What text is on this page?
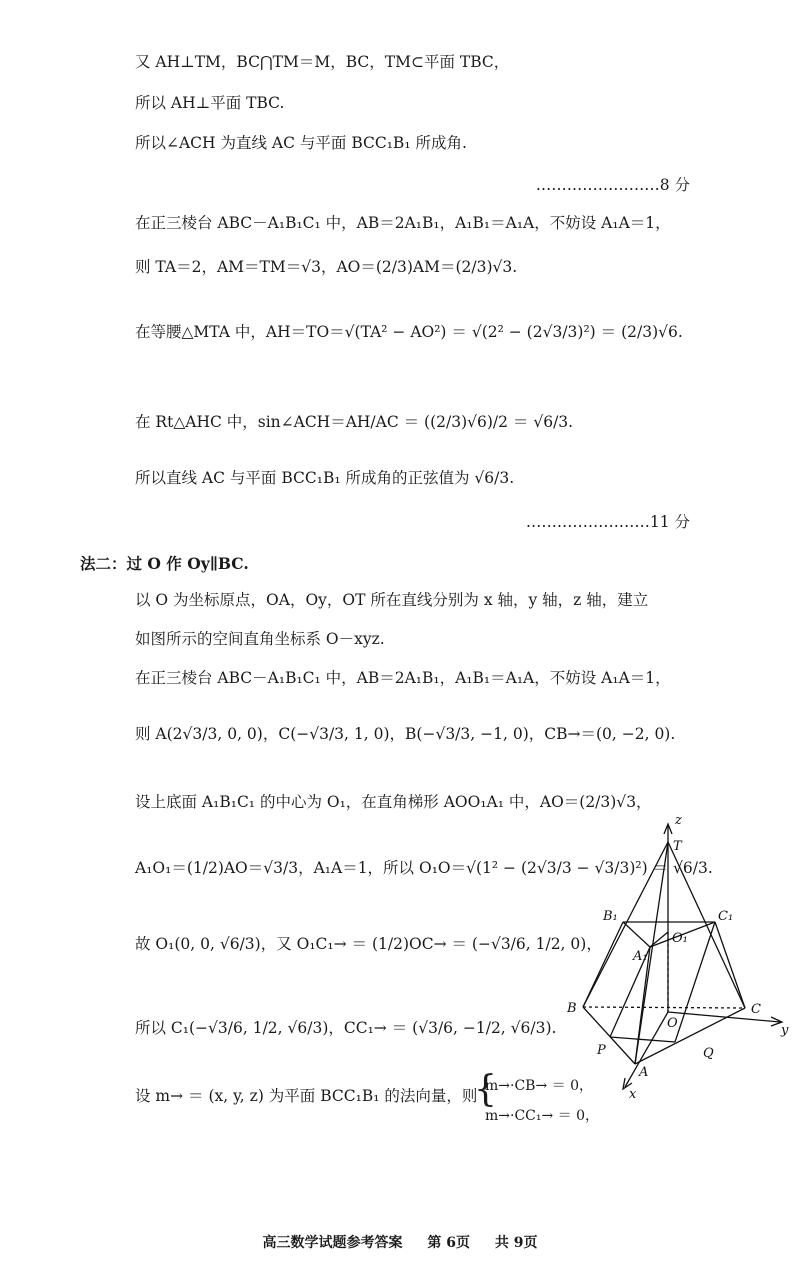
又 AH⊥TM，BC⋂TM＝M，BC，TM⊂平面 TBC，
所以 AH⊥平面 TBC.
所以∠ACH 为直线 AC 与平面 BCC₁B₁ 所成角.
……………………8 分
在正三棱台 ABC－A₁B₁C₁ 中，AB＝2A₁B₁，A₁B₁＝A₁A，不妨设 A₁A＝1，
则 TA＝2，AM＝TM＝√3，AO＝(2/3)AM＝(2/3)√3.
在等腰△MTA 中，AH＝TO＝√(TA² − AO²) ＝ √(2² − (2√3/3)²) ＝ (2/3)√6.
在 Rt△AHC 中，sin∠ACH＝AH/AC ＝ ((2/3)√6)/2 ＝ √6/3.
所以直线 AC 与平面 BCC₁B₁ 所成角的正弦值为 √6/3.
……………………11 分
法二：过 O 作 Oy∥BC.
以 O 为坐标原点，OA，Oy，OT 所在直线分别为 x 轴，y 轴，z 轴，建立
如图所示的空间直角坐标系 O－xyz.
在正三棱台 ABC－A₁B₁C₁ 中，AB＝2A₁B₁，A₁B₁＝A₁A，不妨设 A₁A＝1，
则 A(2√3/3, 0, 0)，C(−√3/3, 1, 0)，B(−√3/3, −1, 0)，CB→＝(0, −2, 0).
设上底面 A₁B₁C₁ 的中心为 O₁，在直角梯形 AOO₁A₁ 中，AO＝(2/3)√3，
A₁O₁＝(1/2)AO＝√3/3，A₁A＝1，所以 O₁O＝√(1² − (2√3/3 − √3/3)²) ＝ √6/3.
故 O₁(0, 0, √6/3)，又 O₁C₁→ ＝ (1/2)OC→ ＝ (−√3/6, 1/2, 0)，
所以 C₁(−√3/6, 1/2, √6/3)，CC₁→ ＝ (√3/6, −1/2, √6/3).
设 m→ ＝ (x, y, z) 为平面 BCC₁B₁ 的法向量，则
m→·CB→ ＝ 0，
m→·CC₁→ ＝ 0，
{
T
z
B₁	C₁
O₁
A₁
B	C
O	y
P	Q
A
x
高三数学试题参考答案 第 6页 共 9页
